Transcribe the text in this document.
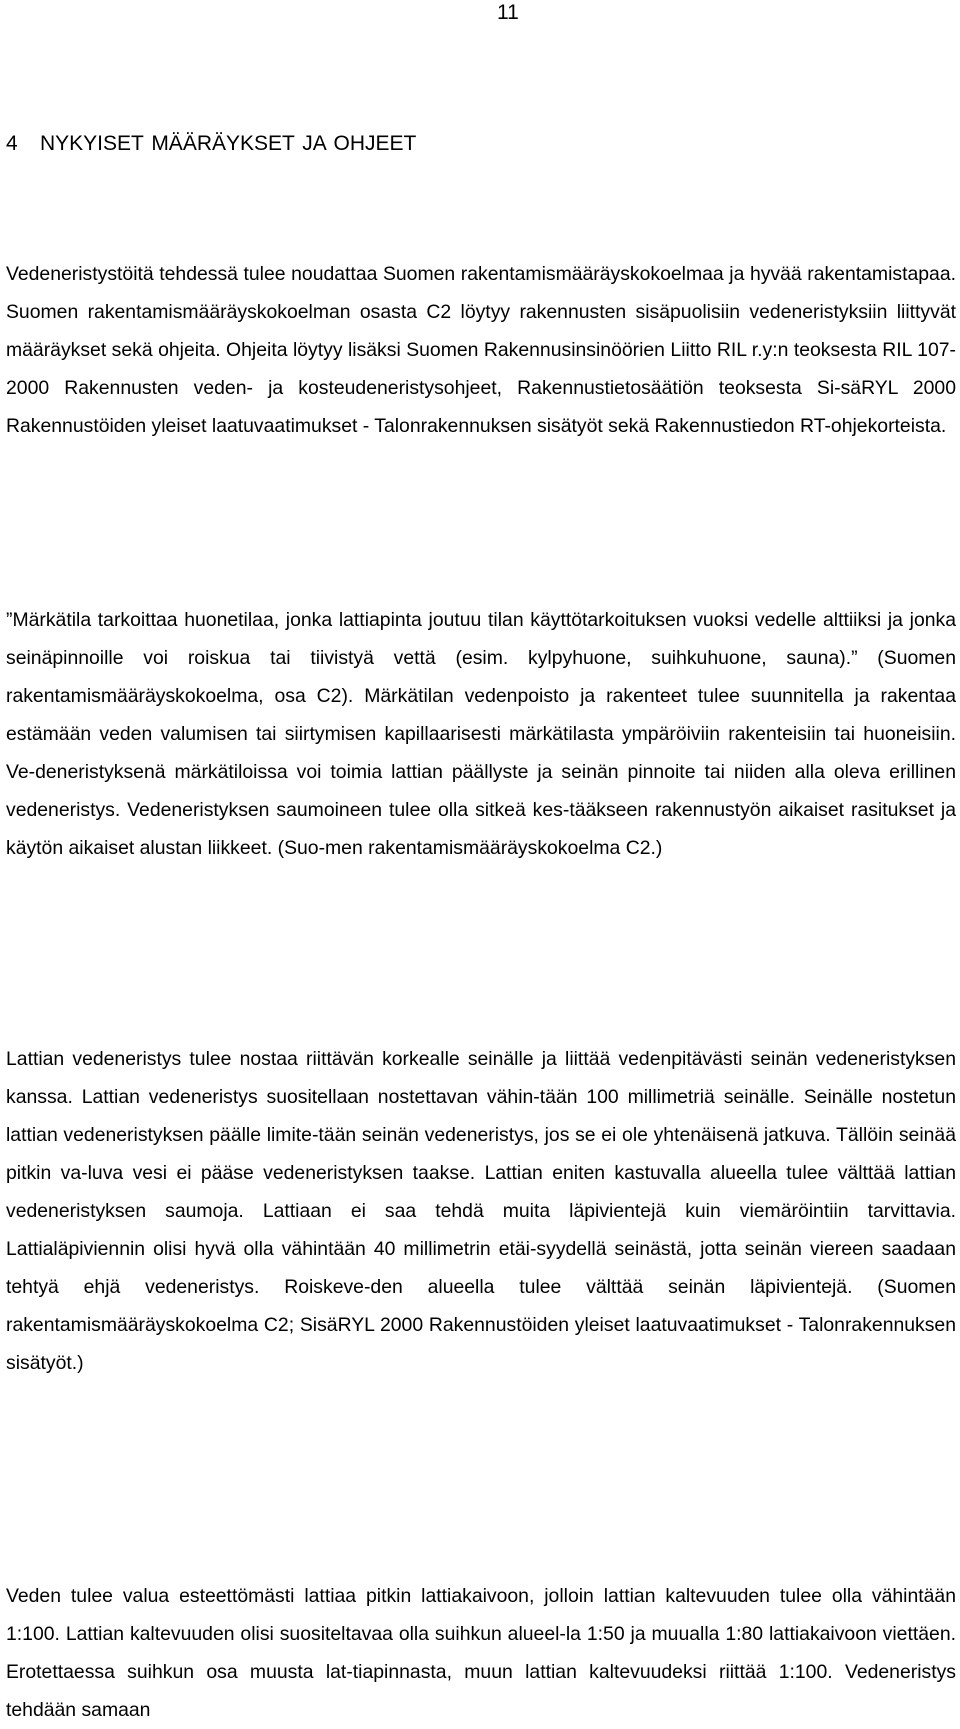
11
4 NYKYISET MÄÄRÄYKSET JA OHJEET

Vedeneristystöitä tehdessä tulee noudattaa Suomen rakentamismääräyskokoelmaa ja hyvää rakentamistapaa. Suomen rakentamismääräyskokoelman osasta C2 löytyy rakennusten sisäpuolisiin vedeneristyksiin liittyvät määräykset sekä ohjeita. Ohjeita löytyy lisäksi Suomen Rakennusinsinöörien Liitto RIL r.y:n teoksesta RIL 107-2000 Rakennusten veden- ja kosteudeneristysohjeet, Rakennustietosäätiön teoksesta Si-säRYL 2000 Rakennustöiden yleiset laatuvaatimukset - Talonrakennuksen sisätyöt sekä Rakennustiedon RT-ohjekorteista.

”Märkätila tarkoittaa huonetilaa, jonka lattiapinta joutuu tilan käyttötarkoituksen vuoksi vedelle alttiiksi ja jonka seinäpinnoille voi roiskua tai tiivistyä vettä (esim. kylpyhuone, suihkuhuone, sauna).” (Suomen rakentamismääräyskokoelma, osa C2). Märkätilan vedenpoisto ja rakenteet tulee suunnitella ja rakentaa estämään veden valumisen tai siirtymisen kapillaarisesti märkätilasta ympäröiviin rakenteisiin tai huoneisiin. Ve-deneristyksenä märkätiloissa voi toimia lattian päällyste ja seinän pinnoite tai niiden alla oleva erillinen vedeneristys. Vedeneristyksen saumoineen tulee olla sitkeä kes-tääkseen rakennustyön aikaiset rasitukset ja käytön aikaiset alustan liikkeet. (Suo-men rakentamismääräyskokoelma C2.)

Lattian vedeneristys tulee nostaa riittävän korkealle seinälle ja liittää vedenpitävästi seinän vedeneristyksen kanssa. Lattian vedeneristys suositellaan nostettavan vähin-tään 100 millimetriä seinälle. Seinälle nostetun lattian vedeneristyksen päälle limite-tään seinän vedeneristys, jos se ei ole yhtenäisenä jatkuva. Tällöin seinää pitkin va-luva vesi ei pääse vedeneristyksen taakse. Lattian eniten kastuvalla alueella tulee välttää lattian vedeneristyksen saumoja. Lattiaan ei saa tehdä muita läpivientejä kuin viemäröintiin tarvittavia. Lattialäpiviennin olisi hyvä olla vähintään 40 millimetrin etäi-syydellä seinästä, jotta seinän viereen saadaan tehtyä ehjä vedeneristys. Roiskeve-den alueella tulee välttää seinän läpivientejä. (Suomen rakentamismääräyskokoelma C2; SisäRYL 2000 Rakennustöiden yleiset laatuvaatimukset - Talonrakennuksen sisätyöt.)

Veden tulee valua esteettömästi lattiaa pitkin lattiakaivoon, jolloin lattian kaltevuuden tulee olla vähintään 1:100. Lattian kaltevuuden olisi suositeltavaa olla suihkun alueel-la 1:50 ja muualla 1:80 lattiakaivoon viettäen. Erotettaessa suihkun osa muusta lat-tiapinnasta, muun lattian kaltevuudeksi riittää 1:100. Vedeneristys tehdään samaan
